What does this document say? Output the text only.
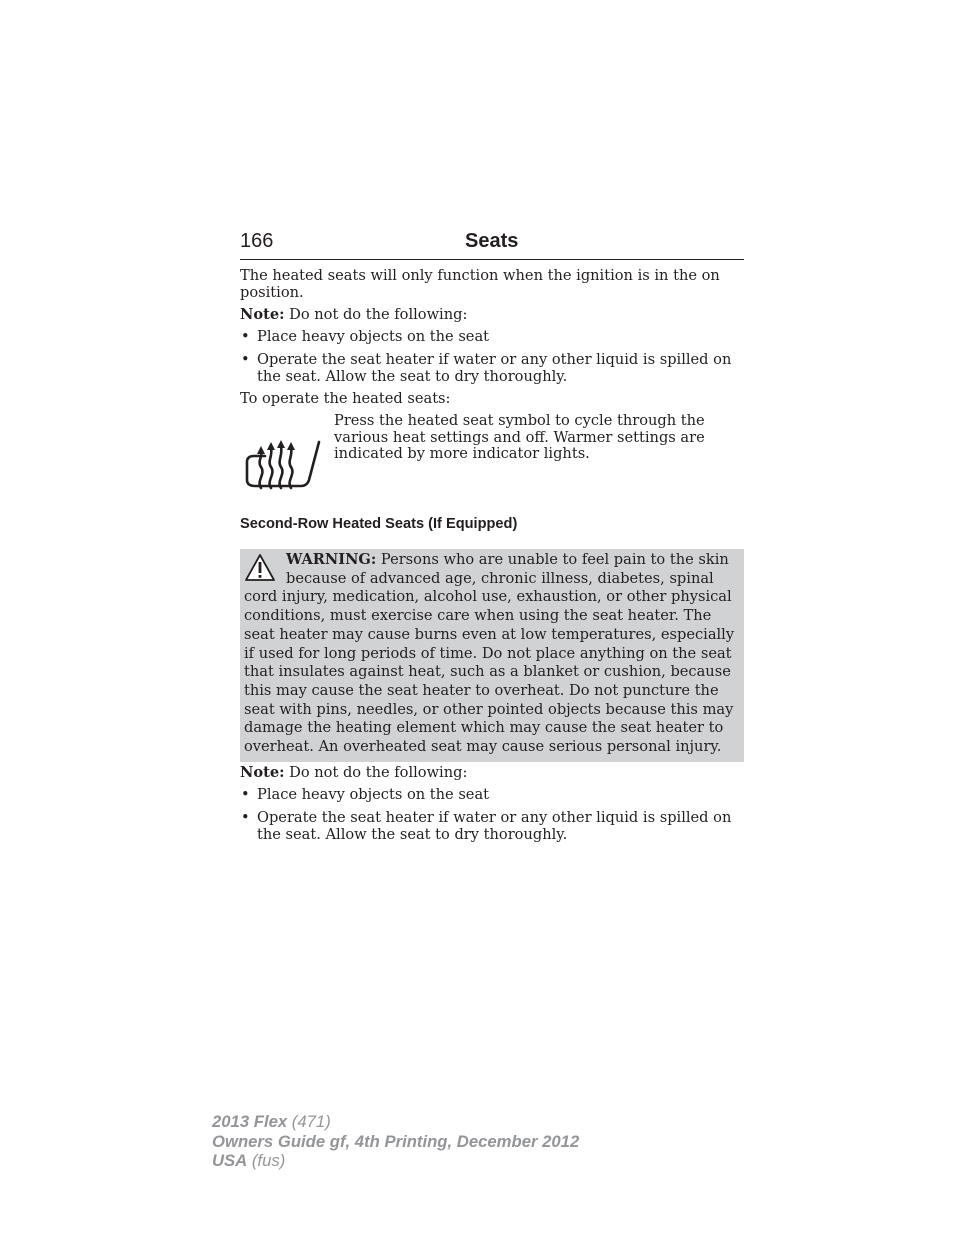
166	Seats

The heated seats will only function when the ignition is in the on position.

Note: Do not do the following:

• Place heavy objects on the seat
• Operate the seat heater if water or any other liquid is spilled on the seat. Allow the seat to dry thoroughly.

To operate the heated seats:

Press the heated seat symbol to cycle through the various heat settings and off. Warmer settings are indicated by more indicator lights.

Second-Row Heated Seats (If Equipped)
WARNING: Persons who are unable to feel pain to the skin because of advanced age, chronic illness, diabetes, spinal cord injury, medication, alcohol use, exhaustion, or other physical conditions, must exercise care when using the seat heater. The seat heater may cause burns even at low temperatures, especially if used for long periods of time. Do not place anything on the seat that insulates against heat, such as a blanket or cushion, because this may cause the seat heater to overheat. Do not puncture the seat with pins, needles, or other pointed objects because this may damage the heating element which may cause the seat heater to overheat. An overheated seat may cause serious personal injury.

Note: Do not do the following:

• Place heavy objects on the seat
• Operate the seat heater if water or any other liquid is spilled on the seat. Allow the seat to dry thoroughly.
2013 Flex (471)
Owners Guide gf, 4th Printing, December 2012
USA (fus)
